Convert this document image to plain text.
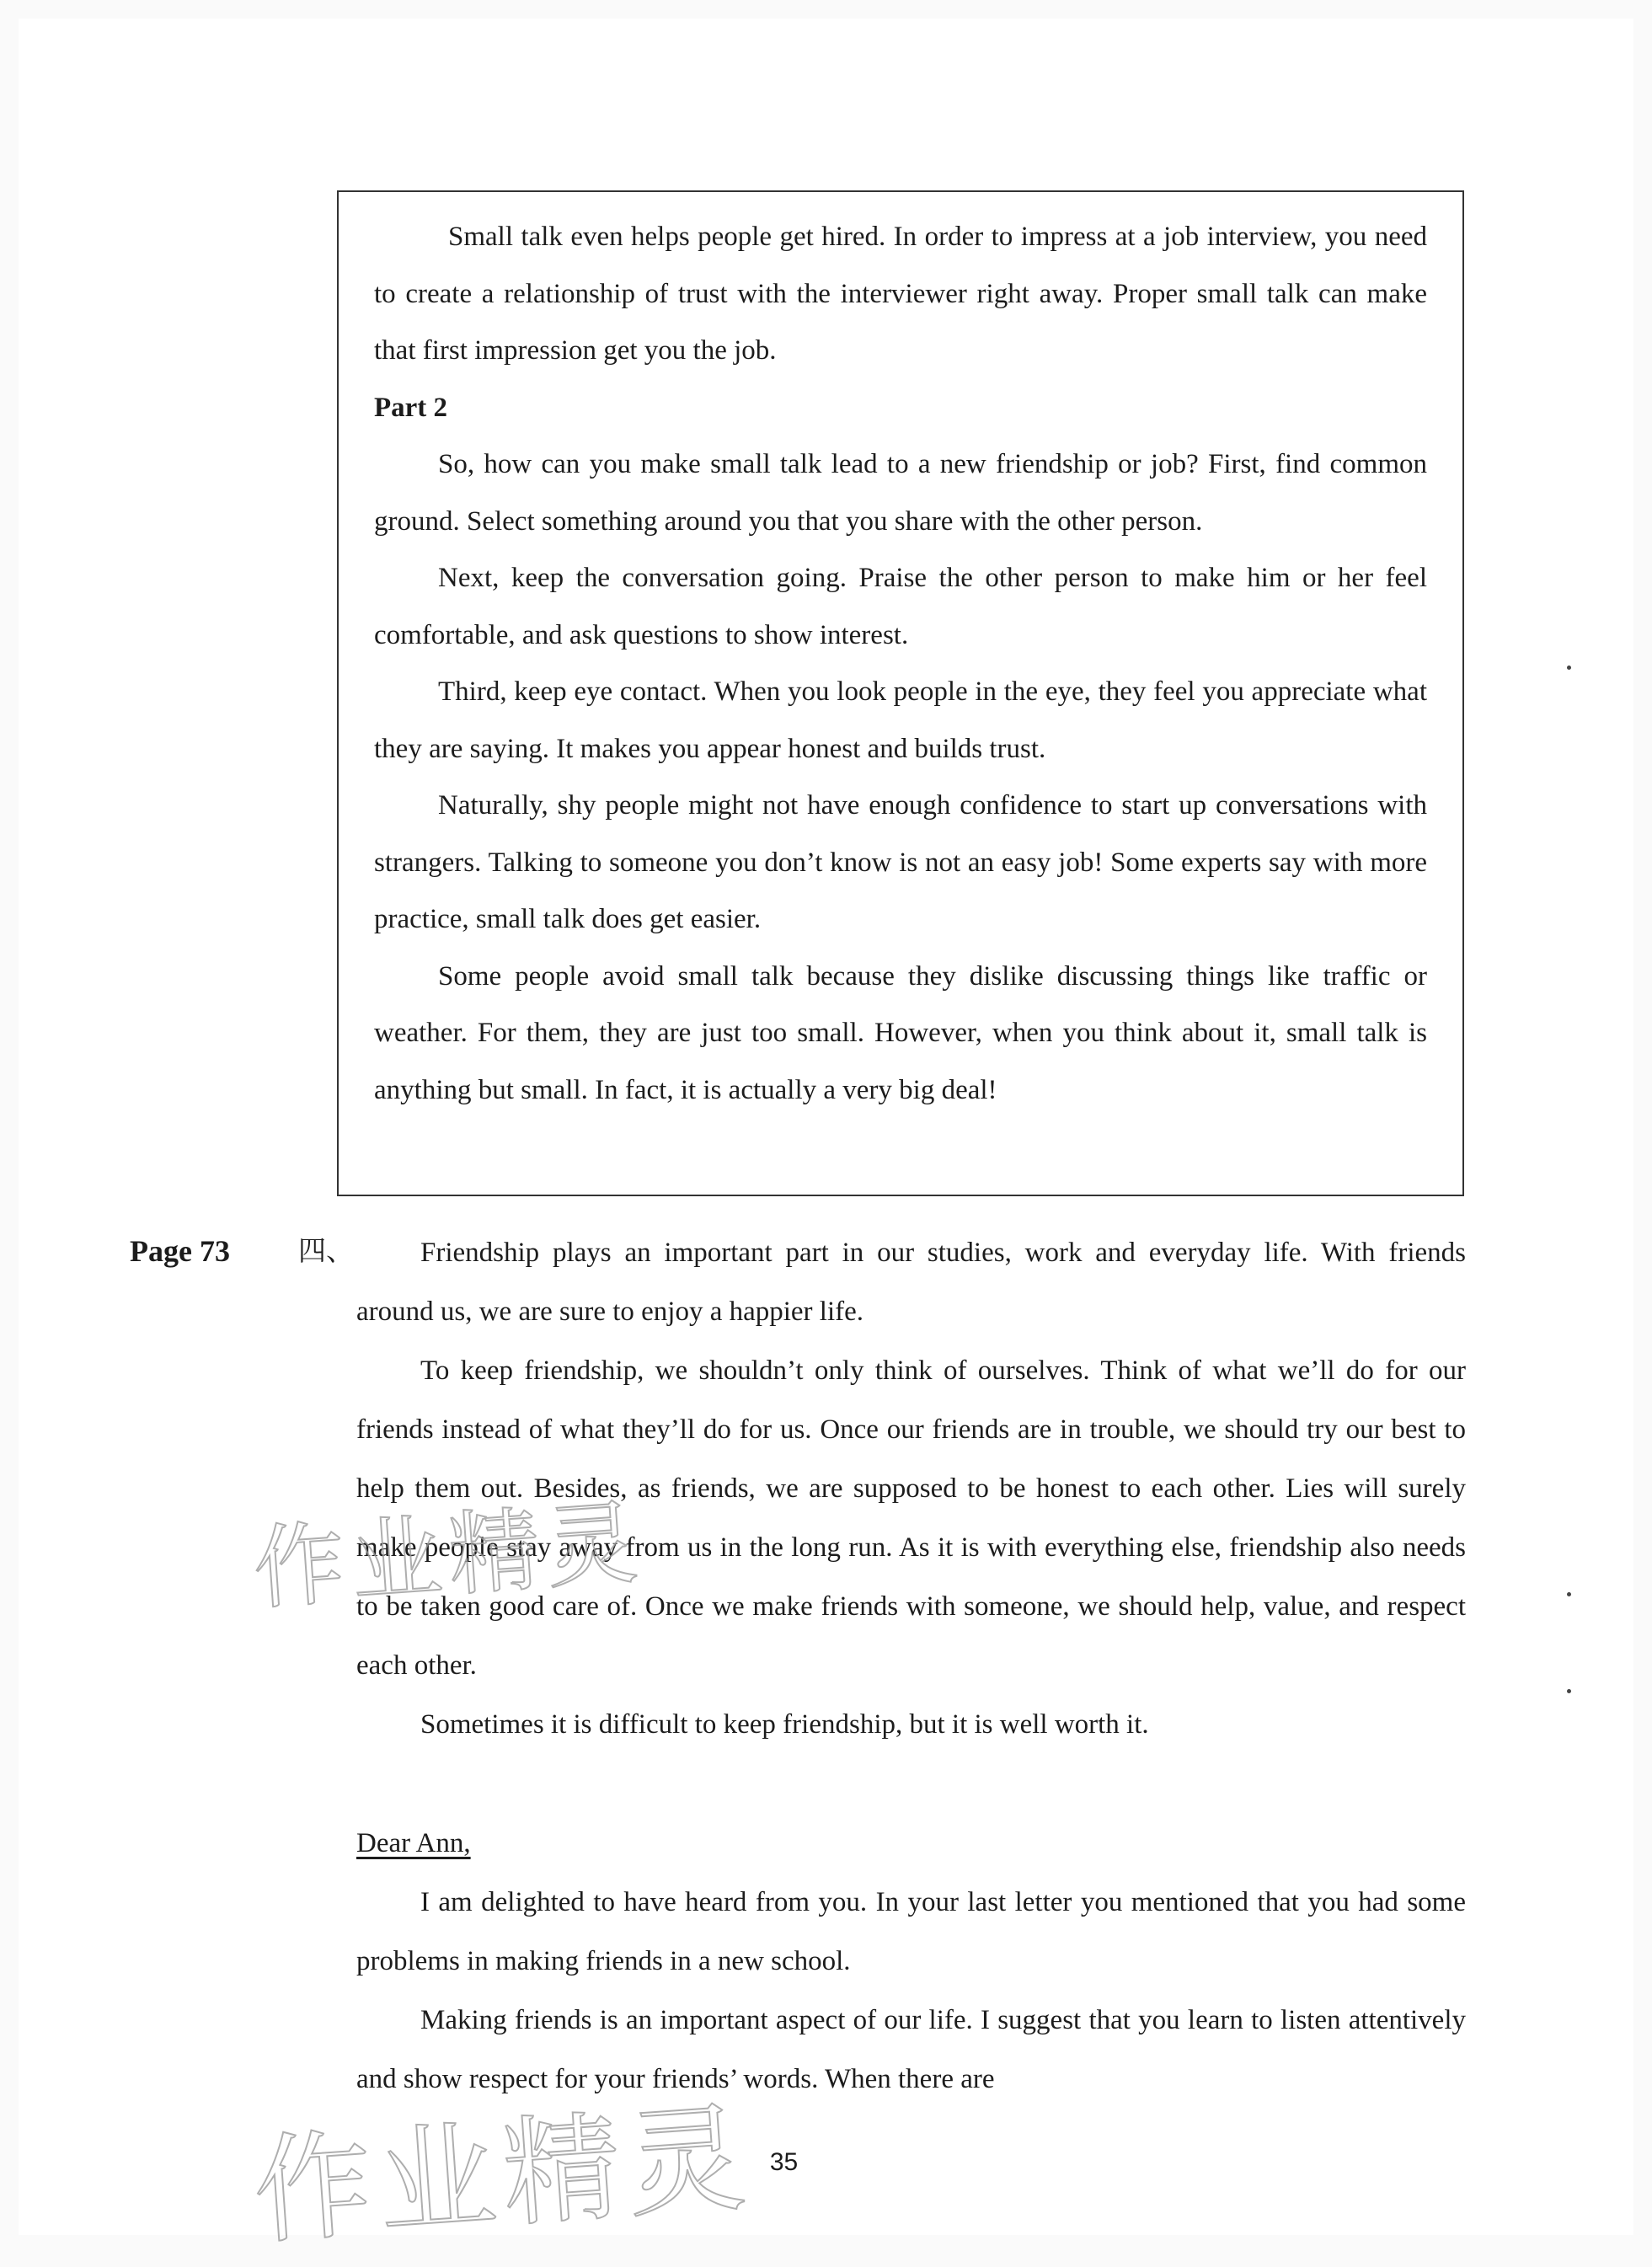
Small talk even helps people get hired. In order to impress at a job interview, you need to create a relationship of trust with the interviewer right away. Proper small talk can make that first impression get you the job.

Part 2

So, how can you make small talk lead to a new friendship or job? First, find common ground. Select something around you that you share with the other person.

Next, keep the conversation going. Praise the other person to make him or her feel comfortable, and ask questions to show interest.

Third, keep eye contact. When you look people in the eye, they feel you appreciate what they are saying. It makes you appear honest and builds trust.

Naturally, shy people might not have enough confidence to start up conversations with strangers. Talking to someone you don’t know is not an easy job! Some experts say with more practice, small talk does get easier.

Some people avoid small talk because they dislike discussing things like traffic or weather. For them, they are just too small. However, when you think about it, small talk is anything but small. In fact, it is actually a very big deal!

Page 73 四、	Friendship plays an important part in our studies, work and everyday life. With friends around us, we are sure to enjoy a happier life.

To keep friendship, we shouldn’t only think of ourselves. Think of what we’ll do for our friends instead of what they’ll do for us. Once our friends are in trouble, we should try our best to help them out. Besides, as friends, we are supposed to be honest to each other. Lies will surely make people stay away from us in the long run. As it is with everything else, friendship also needs to be taken good care of. Once we make friends with someone, we should help, value, and respect each other.

Sometimes it is difficult to keep friendship, but it is well worth it.

Dear Ann,

I am delighted to have heard from you. In your last letter you mentioned that you had some problems in making friends in a new school.

Making friends is an important aspect of our life. I suggest that you learn to listen attentively and show respect for your friends’ words. When there are

作业精灵
作业精灵 35
